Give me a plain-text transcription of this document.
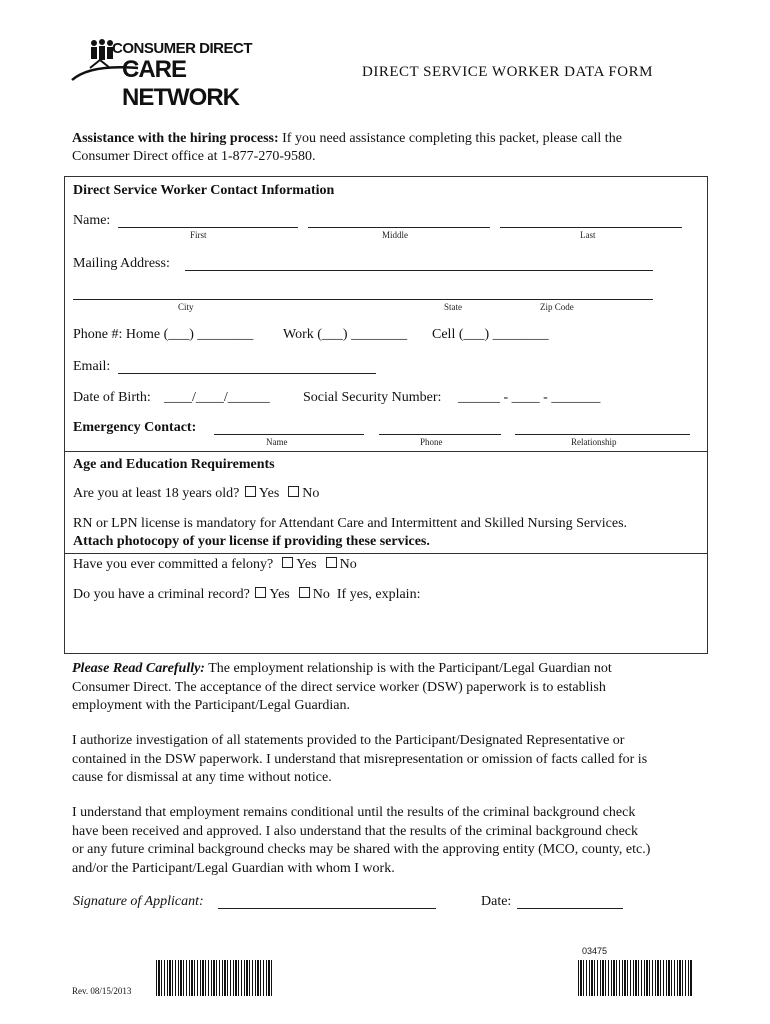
CONSUMER DIRECT
CARE NETWORK
DIRECT SERVICE WORKER DATA FORM
Assistance with the hiring process: If you need assistance completing this packet, please call the
Consumer Direct office at 1-877-270-9580.
Direct Service Worker Contact Information
Name:
First	Middle	Last
Mailing Address:
City	State	Zip Code
Phone #: Home (___) ________ Work (___) ________ Cell (___) ________
Email:
Date of Birth: ____/____/______ Social Security Number: ______ - ____ - _______
Emergency Contact:
Name	Phone	Relationship
Age and Education Requirements
Are you at least 18 years old? Yes No
RN or LPN license is mandatory for Attendant Care and Intermittent and Skilled Nursing Services.
Attach photocopy of your license if providing these services.
Have you ever committed a felony? Yes No
Do you have a criminal record? Yes No If yes, explain:
Please Read Carefully: The employment relationship is with the Participant/Legal Guardian not
Consumer Direct. The acceptance of the direct service worker (DSW) paperwork is to establish
employment with the Participant/Legal Guardian.
I authorize investigation of all statements provided to the Participant/Designated Representative or
contained in the DSW paperwork. I understand that misrepresentation or omission of facts called for is
cause for dismissal at any time without notice.
I understand that employment remains conditional until the results of the criminal background check
have been received and approved. I also understand that the results of the criminal background check
or any future criminal background checks may be shared with the approving entity (MCO, county, etc.)
and/or the Participant/Legal Guardian with whom I work.
Signature of Applicant:	Date:
Rev. 08/15/2013
03475
